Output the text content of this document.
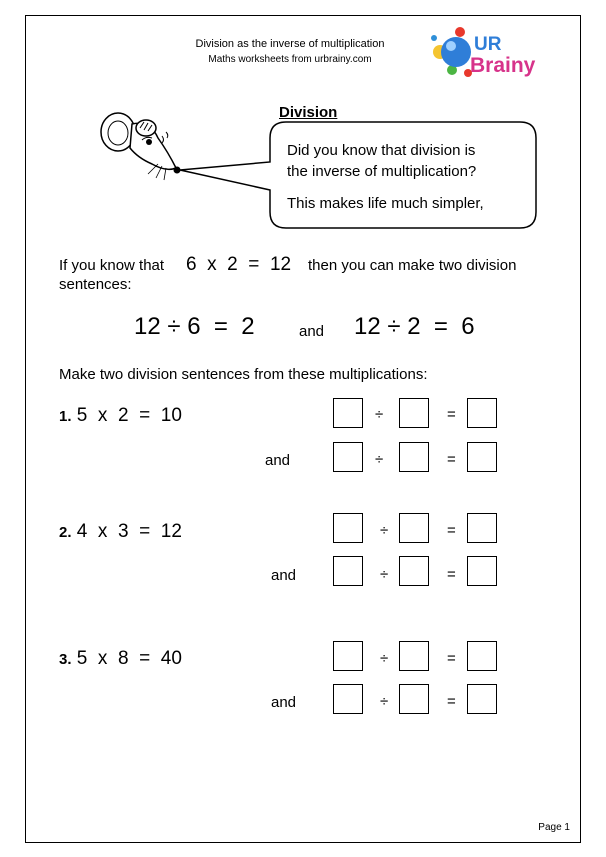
Division as the inverse of multiplication
Maths worksheets from urbrainy.com
UR
Brainy
Division
Did you know that division is
the inverse of multiplication?
This makes life much simpler,
If you know that 6  x  2  =  12 then you can make two division
sentences:
12 ÷ 6  =  2	and 12 ÷ 2  =  6
Make two division sentences from these multiplications:
1. 5  x  2  =  10	÷	=
and	÷	=
2. 4  x  3  =  12	÷	=
and	÷	=
3. 5  x  8  =  40	÷	=
and	÷	=
Page 1
